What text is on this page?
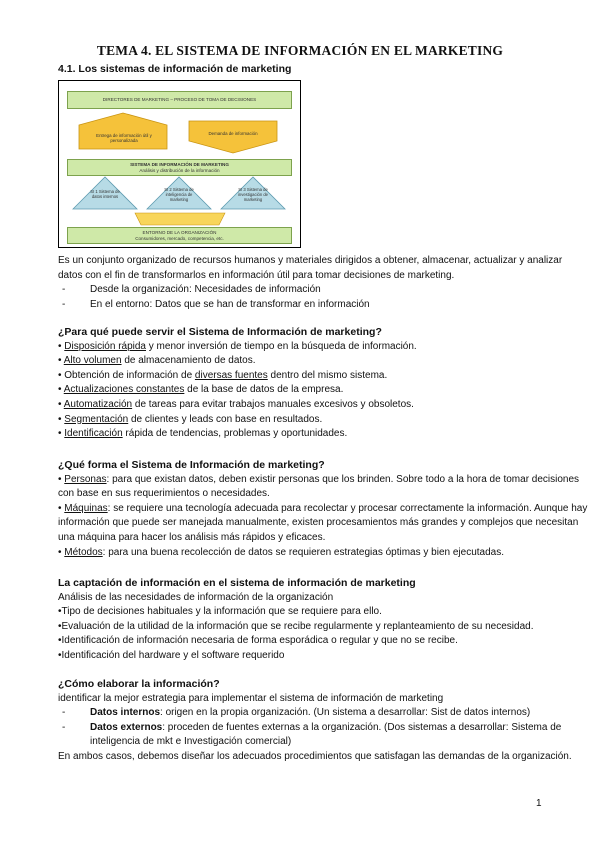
TEMA 4. EL SISTEMA DE INFORMACIÓN EN EL MARKETING
4.1. Los sistemas de información de marketing
DIRECTORES DE MARKETING – PROCESO DE TOMA DE DECISIONES
Entrega de información útil y personalizada
Demanda de información
SISTEMA DE INFORMACIÓN DE MARKETING
Análisis y distribución de la información
SI 1 Sistema de datos internos
SI 2 Sistema de inteligencia de marketing
SI 3 Sistema de investigación de marketing
ENTORNO DE LA ORGANIZACIÓN
Consumidores, mercado, competencia, etc.

Es un conjunto organizado de recursos humanos y materiales dirigidos a obtener, almacenar, actualizar y analizar datos con el fin de transformarlos en información útil para tomar decisiones de marketing.

- Desde la organización: Necesidades de información

- En el entorno: Datos que se han de transformar en información

¿Para qué puede servir el Sistema de Información de marketing?

• Disposición rápida y menor inversión de tiempo en la búsqueda de información.

• Alto volumen de almacenamiento de datos.

• Obtención de información de diversas fuentes dentro del mismo sistema.

• Actualizaciones constantes de la base de datos de la empresa.

• Automatización de tareas para evitar trabajos manuales excesivos y obsoletos.

• Segmentación de clientes y leads con base en resultados.

• Identificación rápida de tendencias, problemas y oportunidades.

¿Qué forma el Sistema de Información de marketing?

• Personas: para que existan datos, deben existir personas que los brinden. Sobre todo a la hora de tomar decisiones con base en sus requerimientos o necesidades.

• Máquinas: se requiere una tecnología adecuada para recolectar y procesar correctamente la información. Aunque hay información que puede ser manejada manualmente, existen procesamientos más grandes y complejos que necesitan una máquina para hacer los análisis más rápidos y eficaces.

• Métodos: para una buena recolección de datos se requieren estrategias óptimas y bien ejecutadas.

La captación de información en el sistema de información de marketing

Análisis de las necesidades de información de la organización

•Tipo de decisiones habituales y la información que se requiere para ello.

•Evaluación de la utilidad de la información que se recibe regularmente y replanteamiento de su necesidad.

•Identificación de información necesaria de forma esporádica o regular y que no se recibe.

•Identificación del hardware y el software requerido

¿Cómo elaborar la información?

identificar la mejor estrategia para implementar el sistema de información de marketing

- Datos internos: origen en la propia organización. (Un sistema a desarrollar: Sist de datos internos)

- Datos externos: proceden de fuentes externas a la organización. (Dos sistemas a desarrollar: Sistema de inteligencia de mkt e Investigación comercial)

En ambos casos, debemos diseñar los adecuados procedimientos que satisfagan las demandas de la organización.

1
